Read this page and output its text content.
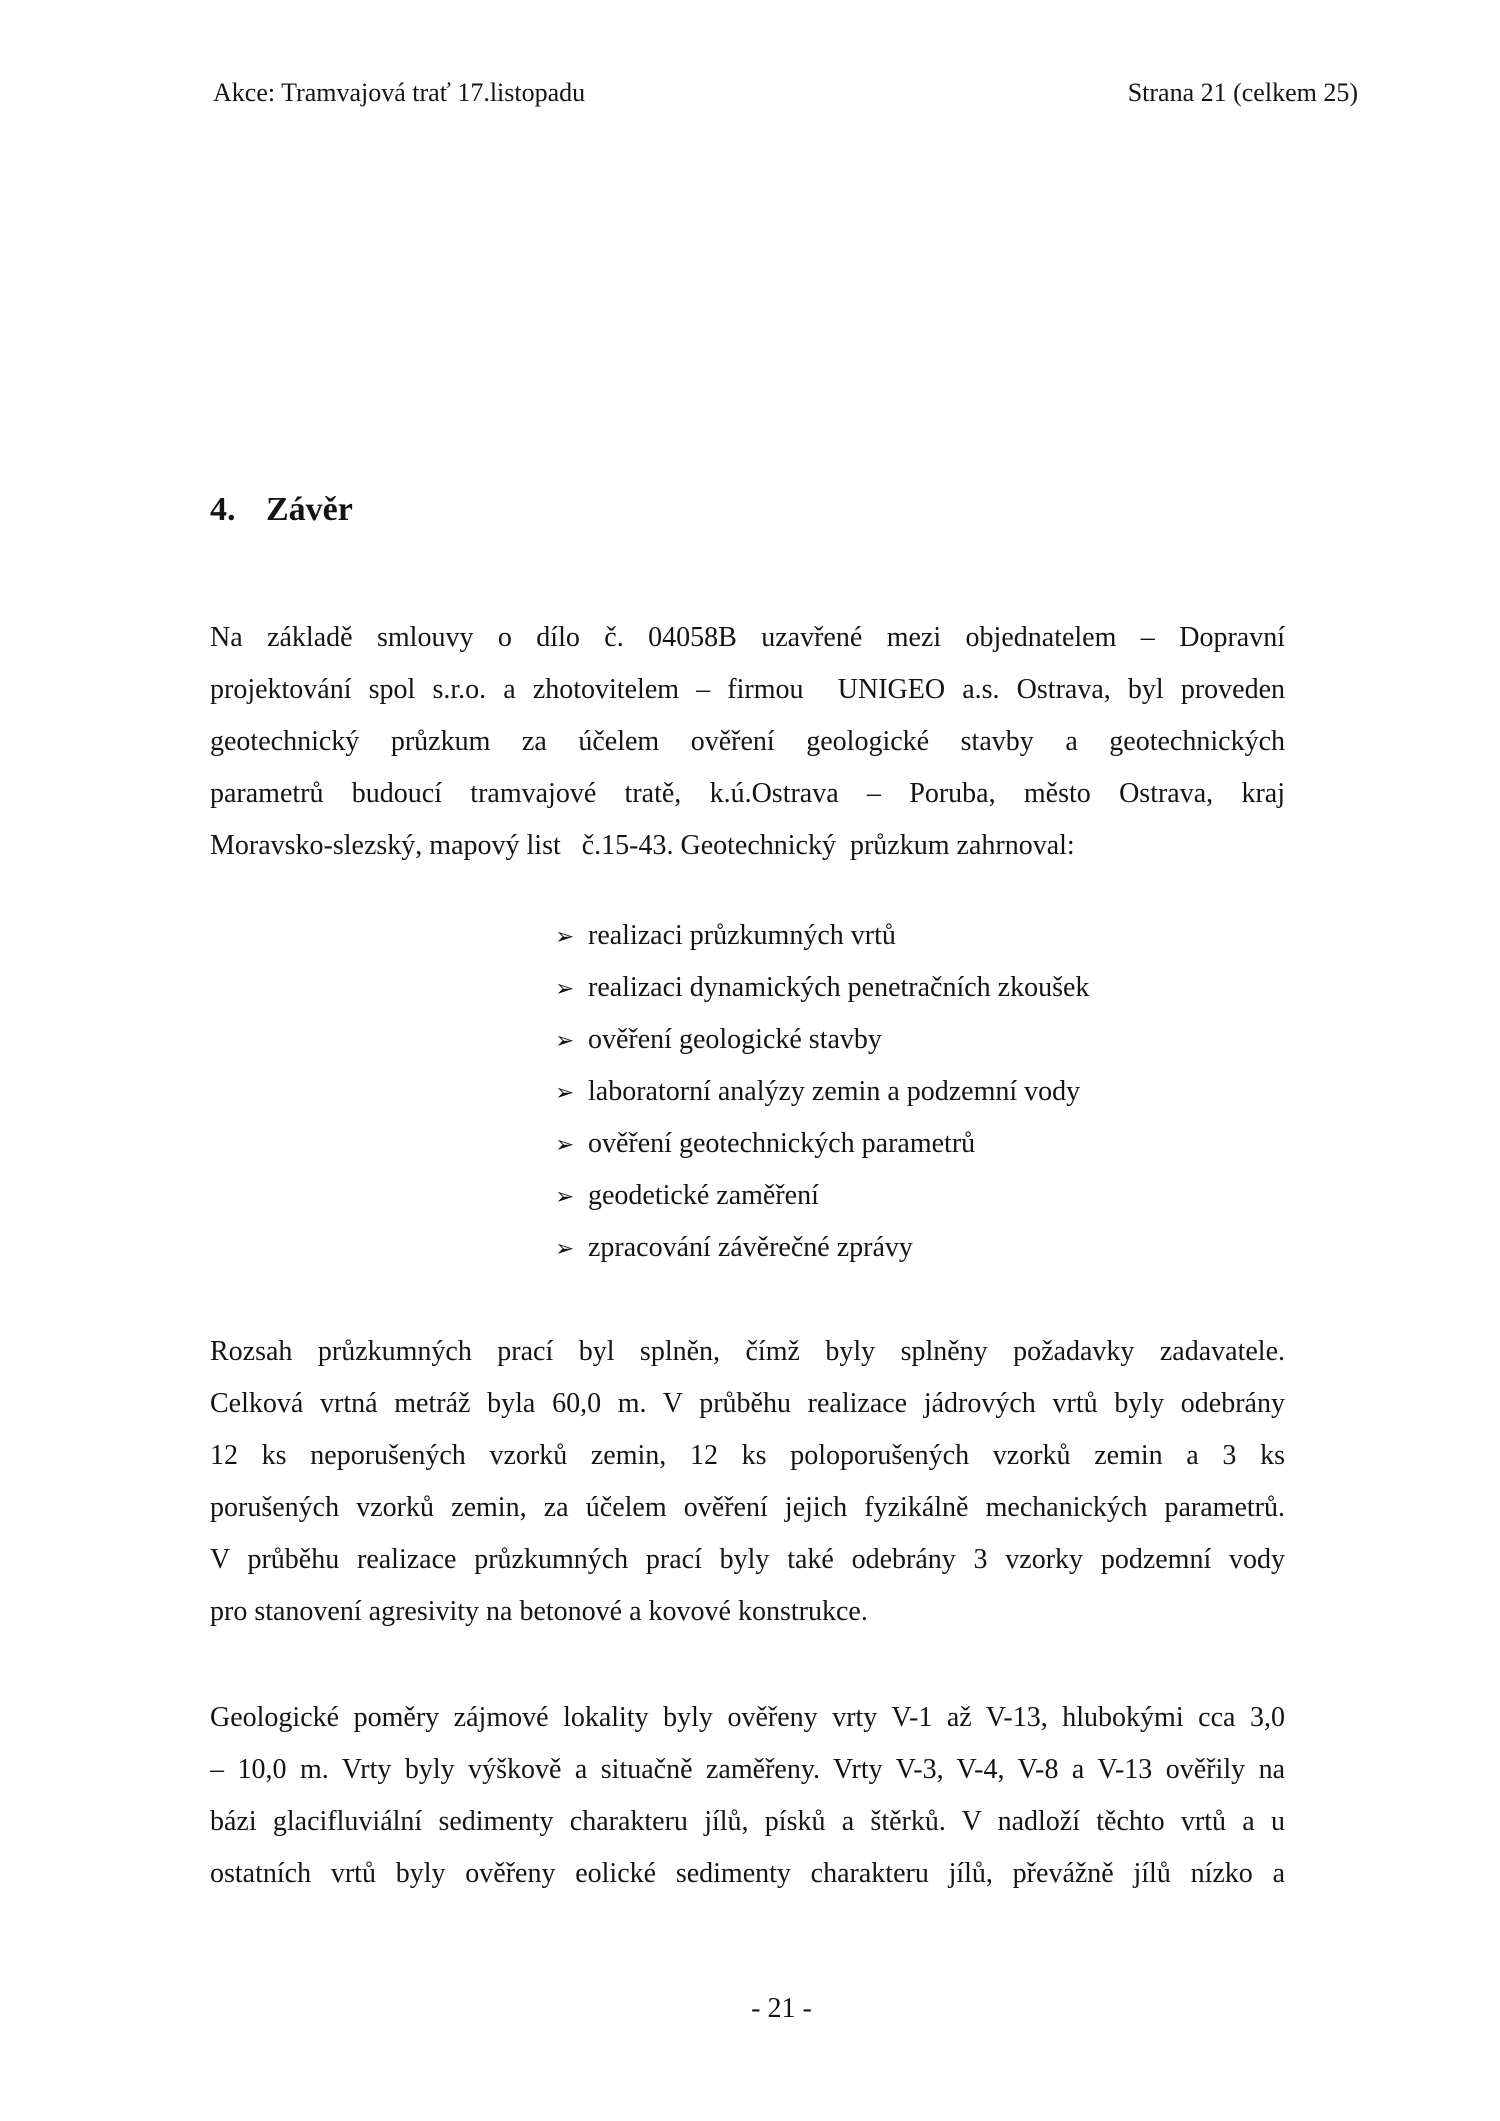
Akce: Tramvajová trať 17.listopadu	Strana 21 (celkem 25)
4. Závěr
Na základě smlouvy o dílo č. 04058B uzavřené mezi objednatelem – Dopravní
projektování spol s.r.o. a zhotovitelem – firmou  UNIGEO a.s. Ostrava, byl proveden
geotechnický průzkum za účelem ověření geologické stavby a geotechnických
parametrů budoucí tramvajové tratě, k.ú.Ostrava – Poruba, město Ostrava, kraj
Moravsko-slezský, mapový list   č.15-43. Geotechnický  průzkum zahrnoval:
➢ realizaci průzkumných vrtů
➢ realizaci dynamických penetračních zkoušek
➢ ověření geologické stavby
➢ laboratorní analýzy zemin a podzemní vody
➢ ověření geotechnických parametrů
➢ geodetické zaměření
➢ zpracování závěrečné zprávy
Rozsah průzkumných prací byl splněn, čímž byly splněny požadavky zadavatele.
Celková vrtná metráž byla 60,0 m. V průběhu realizace jádrových vrtů byly odebrány
12 ks neporušených vzorků zemin, 12 ks poloporušených vzorků zemin a 3 ks
porušených vzorků zemin, za účelem ověření jejich fyzikálně mechanických parametrů.
V průběhu realizace průzkumných prací byly také odebrány 3 vzorky podzemní vody
pro stanovení agresivity na betonové a kovové konstrukce.
Geologické poměry zájmové lokality byly ověřeny vrty V-1 až V-13, hlubokými cca 3,0
– 10,0 m. Vrty byly výškově a situačně zaměřeny. Vrty V-3, V-4, V-8 a V-13 ověřily na
bázi glacifluviální sedimenty charakteru jílů, písků a štěrků. V nadloží těchto vrtů a u
ostatních vrtů byly ověřeny eolické sedimenty charakteru jílů, převážně jílů nízko a
- 21 -
